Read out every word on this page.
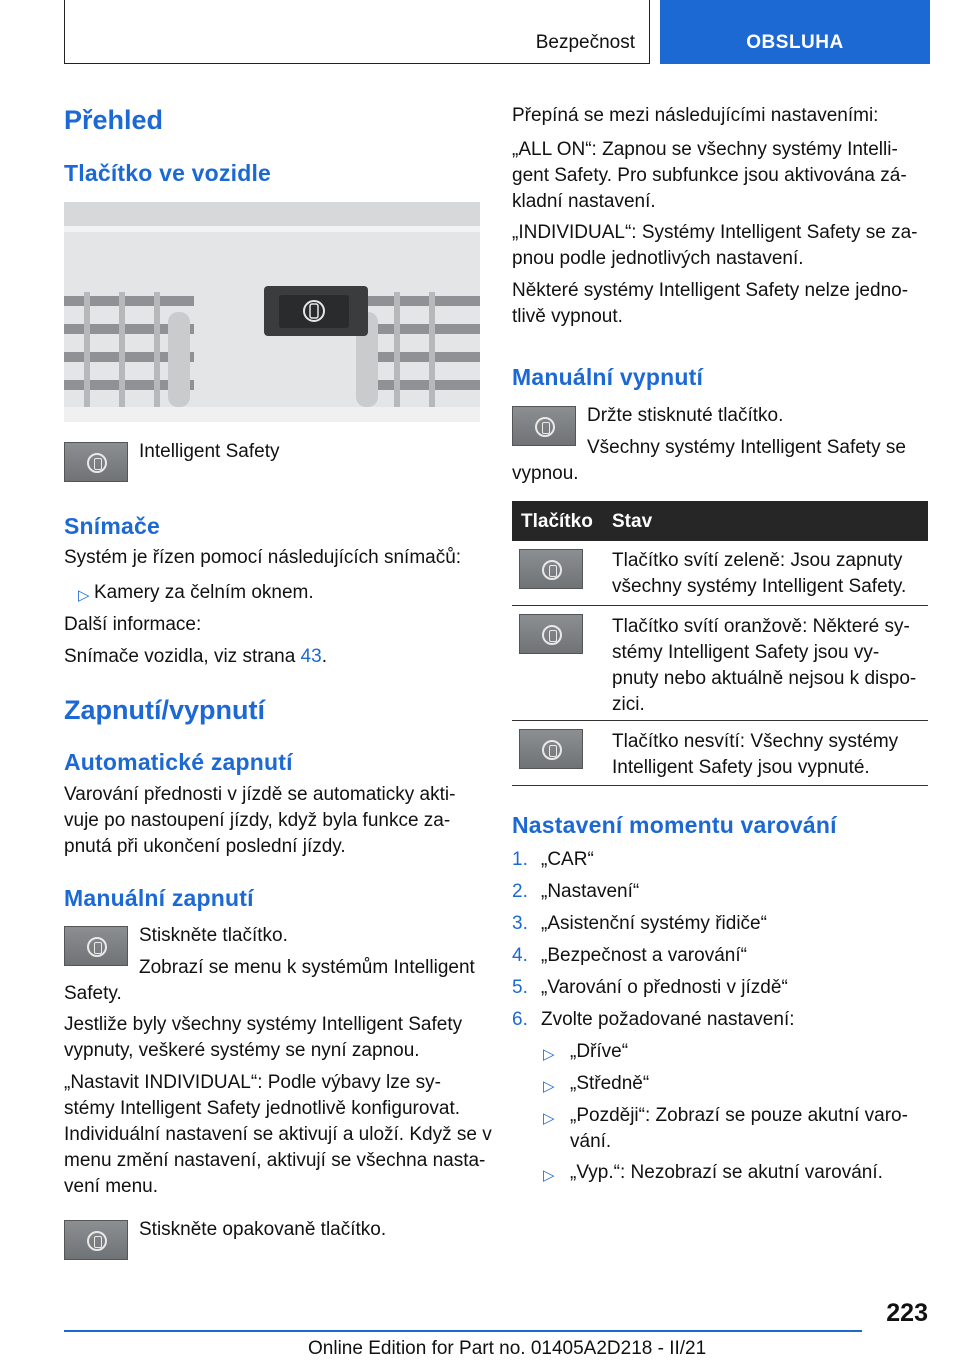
Bezpečnost	OBSLUHA
Přehled
Tlačítko ve vozidle

Intelligent Safety

Snímače

Systém je řízen pomocí následujících snímačů:

▷ Kamery za čelním oknem.

Další informace:

Snímače vozidla, viz strana 43.

Zapnutí/vypnutí
Automatické zapnutí

Varování přednosti v jízdě se automaticky akti-

vuje po nastoupení jízdy, když byla funkce za-

pnutá při ukončení poslední jízdy.

Manuální zapnutí

Stiskněte tlačítko.

Zobrazí se menu k systémům Intelligent

Safety.

Jestliže byly všechny systémy Intelligent Safety

vypnuty, veškeré systémy se nyní zapnou.

„Nastavit INDIVIDUAL“: Podle výbavy lze sy-

stémy Intelligent Safety jednotlivě konfigurovat.

Individuální nastavení se aktivují a uloží. Když se v

menu změní nastavení, aktivují se všechna nasta-

vení menu.

Stiskněte opakovaně tlačítko.

Přepíná se mezi následujícími nastaveními:

„ALL ON“: Zapnou se všechny systémy Intelli-

gent Safety. Pro subfunkce jsou aktivována zá-

kladní nastavení.

„INDIVIDUAL“: Systémy Intelligent Safety se za-

pnou podle jednotlivých nastavení.

Některé systémy Intelligent Safety nelze jedno-

tlivě vypnout.

Manuální vypnutí

Držte stisknuté tlačítko.

Všechny systémy Intelligent Safety se

vypnou.

Tlačítko Stav

Tlačítko svítí zeleně: Jsou zapnuty

všechny systémy Intelligent Safety.

Tlačítko svítí oranžově: Některé sy-

stémy Intelligent Safety jsou vy-

pnuty nebo aktuálně nejsou k dispo-

zici.

Tlačítko nesvítí: Všechny systémy

Intelligent Safety jsou vypnuté.

Nastavení momentu varování
1. „CAR“

2. „Nastavení“

3. „Asistenční systémy řidiče“

4. „Bezpečnost a varování“

5. „Varování o přednosti v jízdě“

6. Zvolte požadované nastavení:

▷ „Dříve“

▷ „Středně“

▷ „Později“: Zobrazí se pouze akutní varo-

vání.

▷ „Vyp.“: Nezobrazí se akutní varování.

223
Online Edition for Part no. 01405A2D218 - II/21
